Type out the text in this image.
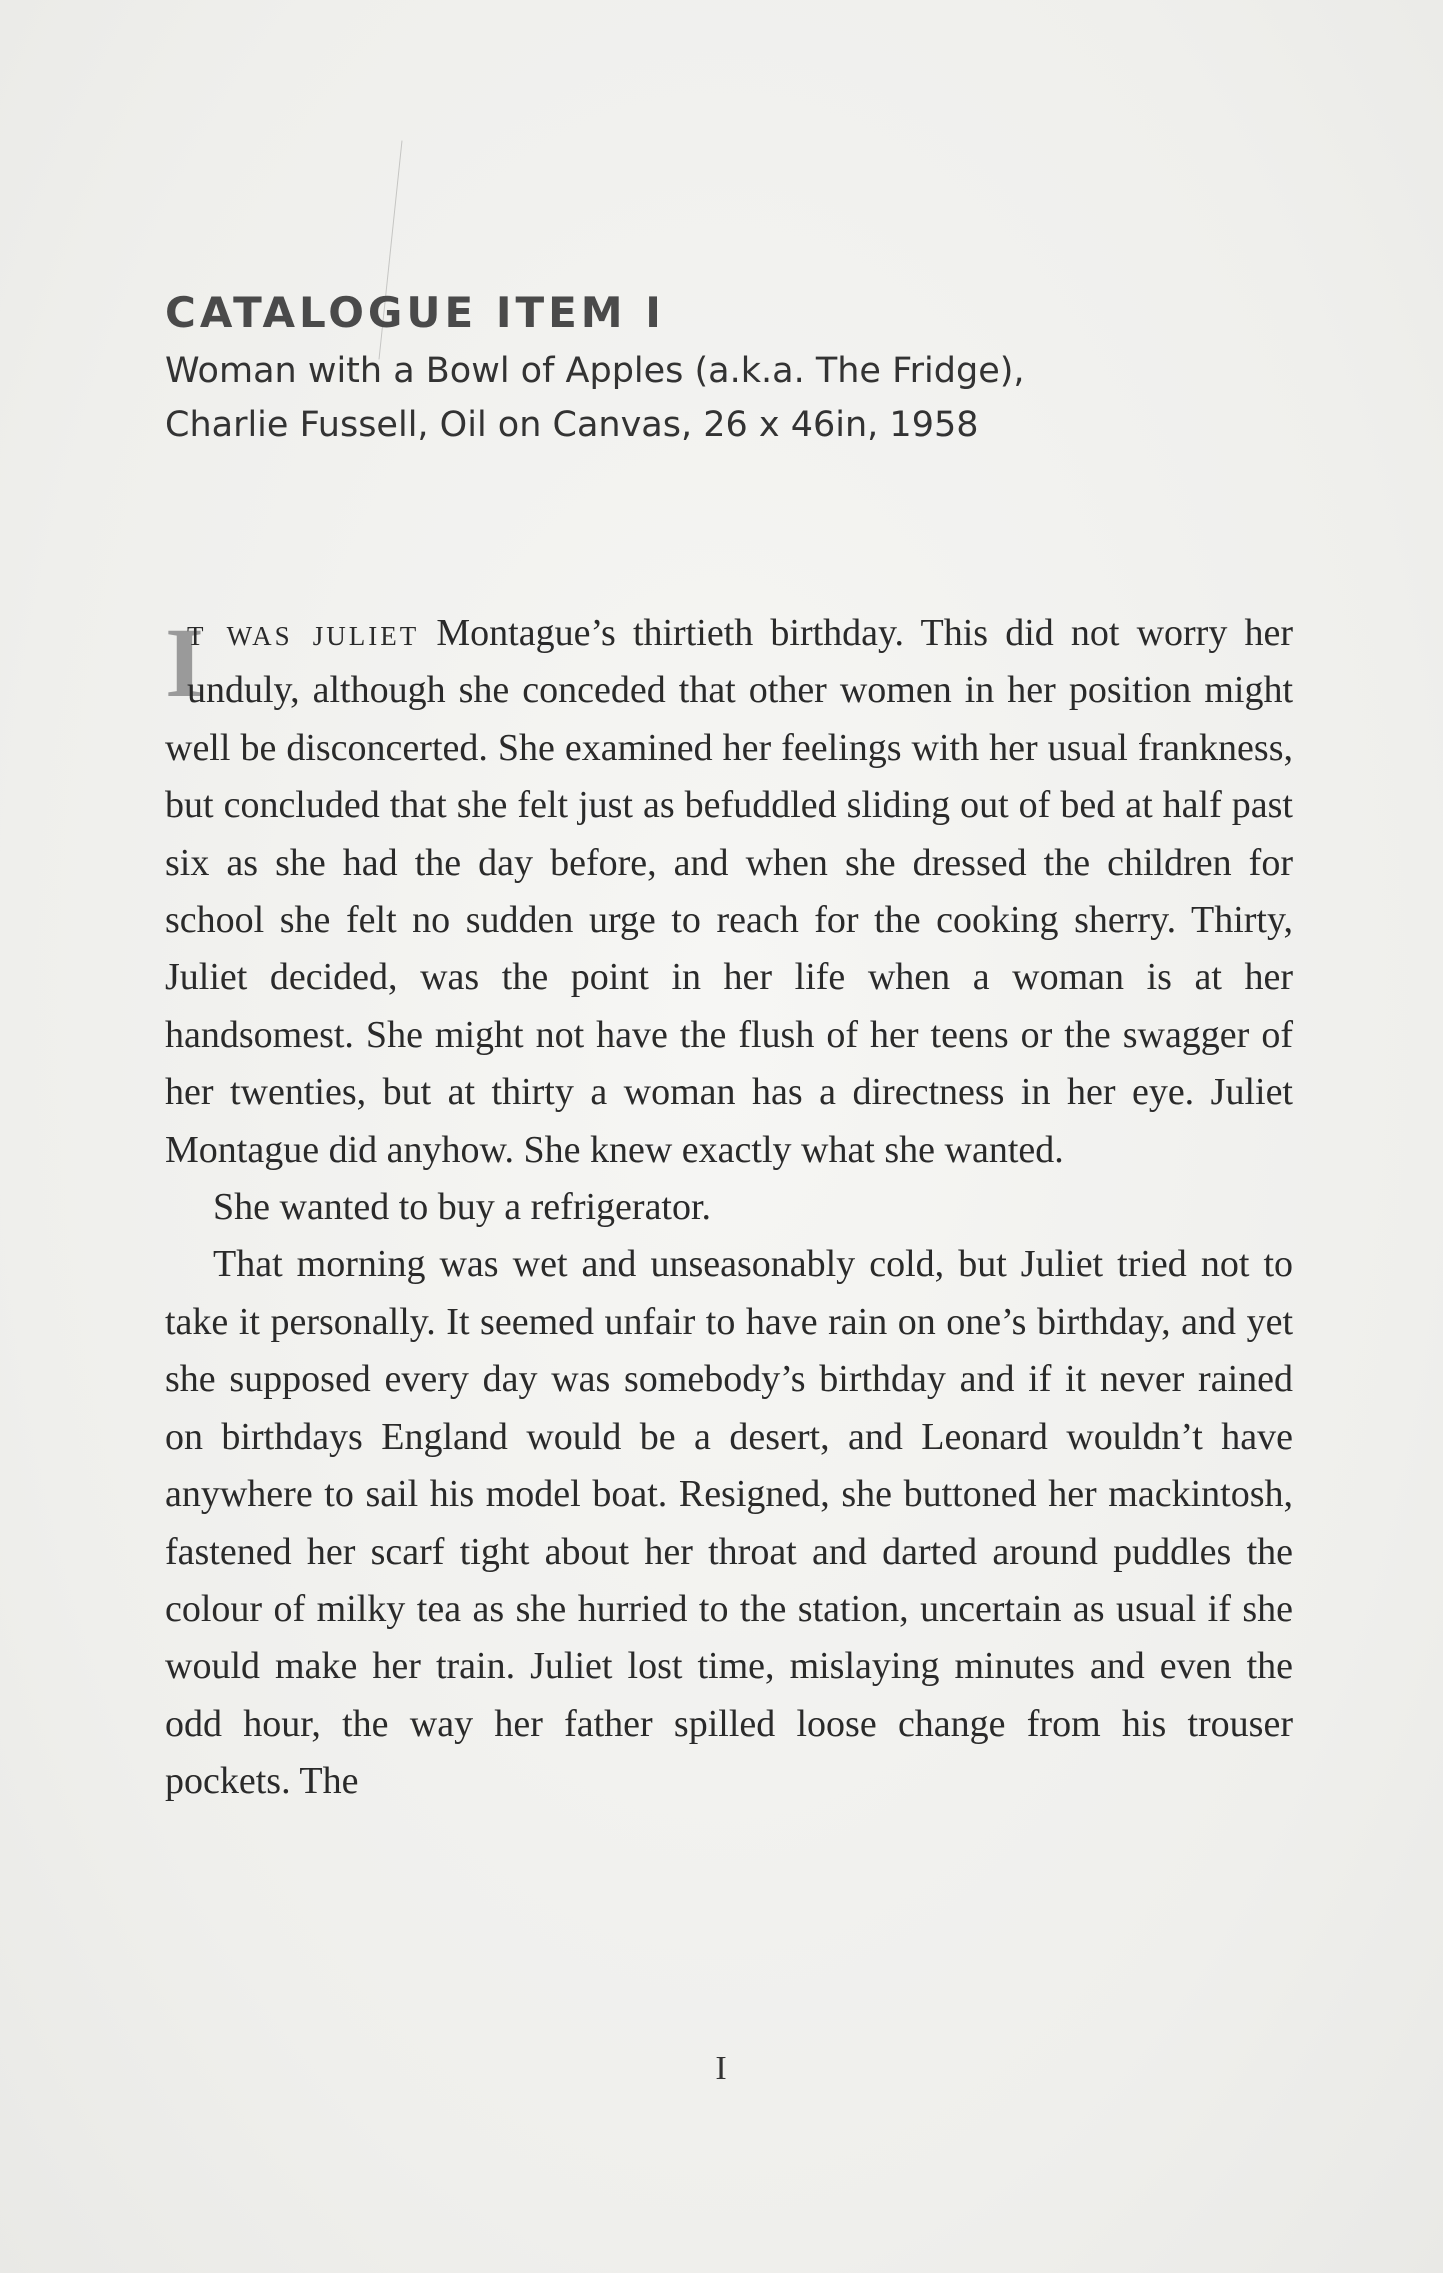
CATALOGUE ITEM I

Woman with a Bowl of Apples (a.k.a. The Fridge),

Charlie Fussell, Oil on Canvas, 26 x 46in, 1958

I
t was juliet Montague’s thirtieth birthday. This did not worry her unduly, although she conceded that other women in her position might well be disconcerted. She examined her feelings with her usual frankness, but concluded that she felt just as befuddled sliding out of bed at half past six as she had the day before, and when she dressed the children for school she felt no sudden urge to reach for the cooking sherry. Thirty, Juliet decided, was the point in her life when a woman is at her handsomest. She might not have the flush of her teens or the swagger of her twenties, but at thirty a woman has a directness in her eye. Juliet Montague did anyhow. She knew exactly what she wanted.

She wanted to buy a refrigerator.

That morning was wet and unseasonably cold, but Juliet tried not to take it personally. It seemed unfair to have rain on one’s birthday, and yet she supposed every day was somebody’s birthday and if it never rained on birthdays England would be a desert, and Leonard wouldn’t have anywhere to sail his model boat. Resigned, she buttoned her mackintosh, fastened her scarf tight about her throat and darted around puddles the colour of milky tea as she hurried to the station, uncertain as usual if she would make her train. Juliet lost time, mislaying minutes and even the odd hour, the way her father spilled loose change from his trouser pockets. The

I
